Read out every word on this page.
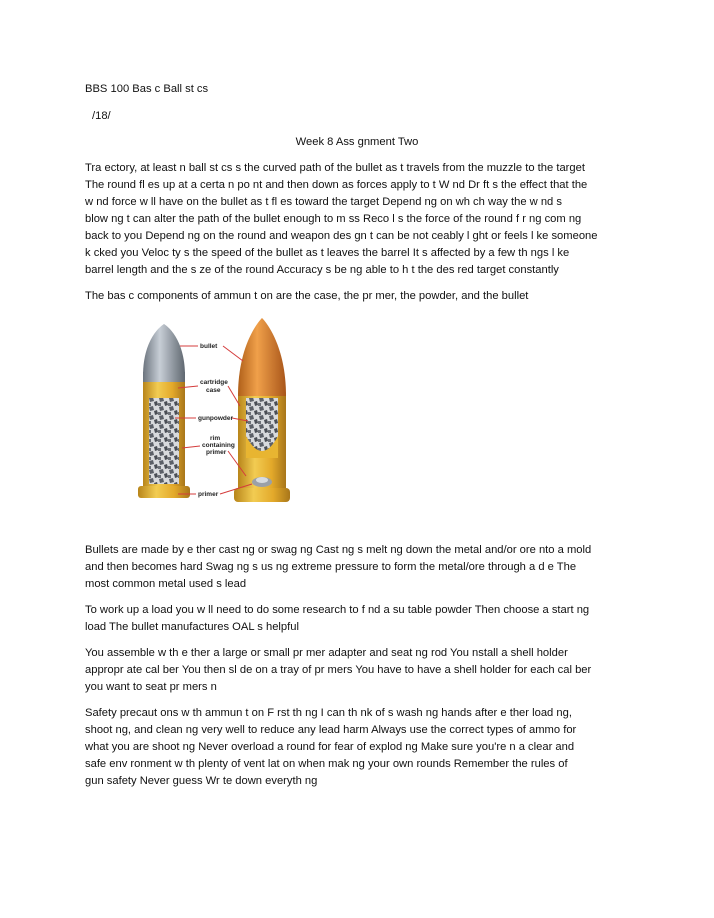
BBS 100 Bas c Ball st cs
/18/
Week 8 Ass gnment Two
Tra ectory, at least n ball st cs s the curved path of the bullet as t travels from the muzzle to the target
The round fl es up at a certa n po nt and then down as forces apply to t W nd Dr ft s the effect that the
w nd force w ll have on the bullet as t fl es toward the target Depend ng on wh ch way the w nd s
blow ng t can alter the path of the bullet enough to m ss Reco l s the force of the round f r ng com ng
back to you Depend ng on the round and weapon des gn t can be not ceably l ght or feels l ke someone
k cked you Veloc ty s the speed of the bullet as t leaves the barrel It s affected by a few th ngs l ke
barrel length and the s ze of the round Accuracy s be ng able to h t the des red target constantly
The bas c components of ammun t on are the case, the pr mer, the powder, and the bullet
bullet
cartridge
case
gunpowder
rim
containing
primer
primer
Bullets are made by e ther cast ng or swag ng Cast ng s melt ng down the metal and/or ore nto a mold
and then becomes hard Swag ng s us ng extreme pressure to form the metal/ore through a d e The
most common metal used s lead
To work up a load you w ll need to do some research to f nd a su table powder Then choose a start ng
load The bullet manufactures OAL s helpful
You assemble w th e ther a large or small pr mer adapter and seat ng rod You nstall a shell holder
appropr ate cal ber You then sl de on a tray of pr mers You have to have a shell holder for each cal ber
you want to seat pr mers n
Safety precaut ons w th ammun t on F rst th ng I can th nk of s wash ng hands after e ther load ng,
shoot ng, and clean ng very well to reduce any lead harm Always use the correct types of ammo for
what you are shoot ng Never overload a round for fear of explod ng Make sure you're n a clear and
safe env ronment w th plenty of vent lat on when mak ng your own rounds Remember the rules of
gun safety Never guess Wr te down everyth ng
